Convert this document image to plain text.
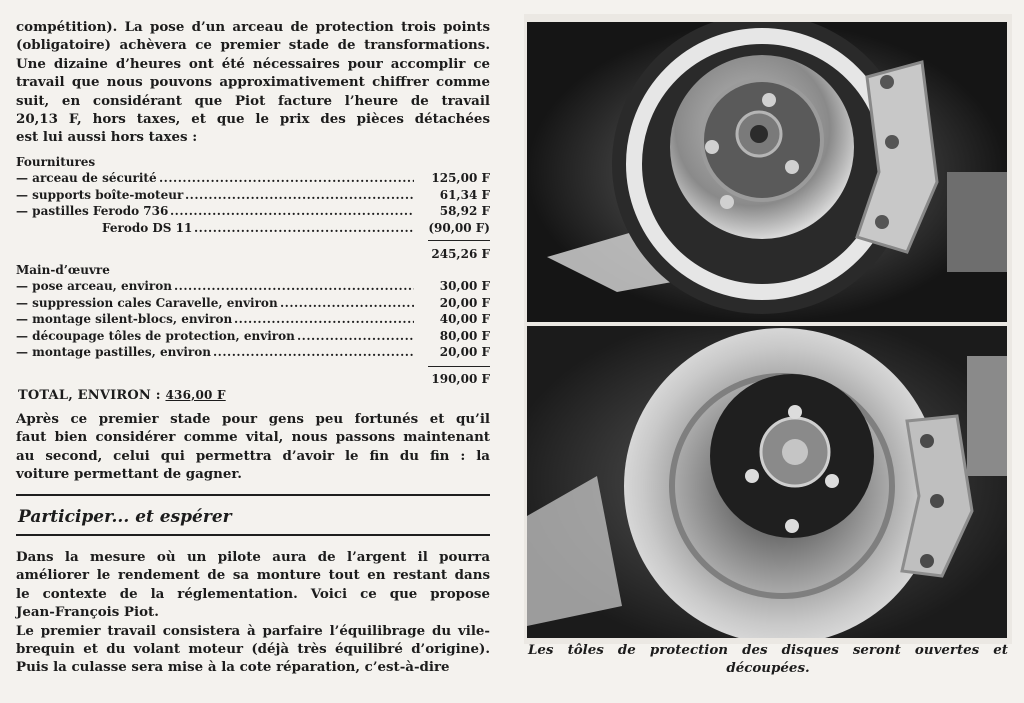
compétition). La pose d’un arceau de protection trois points
(obligatoire) achèvera ce premier stade de transformations.
Une dizaine d’heures ont été nécessaires pour accomplir ce
travail que nous pouvons approximativement chiffrer comme
suit, en considérant que Piot facture l’heure de travail
20,13 F, hors taxes, et que le prix des pièces détachées
est lui aussi hors taxes :

Fournitures
— arceau de sécurité .....	125,00 F
— supports boîte-moteur .....	61,34 F
— pastilles Ferodo 736 .....	58,92 F
Ferodo DS 11 .....	(90,00 F)
245,26 F
Main-d’œuvre
— pose arceau, environ .....	30,00 F
— suppression cales Caravelle, environ .....	20,00 F
— montage silent-blocs, environ .....	40,00 F
— découpage tôles de protection, environ .....	80,00 F
— montage pastilles, environ .....	20,00 F
190,00 F
TOTAL, ENVIRON : 436,00 F

Après ce premier stade pour gens peu fortunés et qu’il
faut bien considérer comme vital, nous passons maintenant
au second, celui qui permettra d’avoir le fin du fin : la
voiture permettant de gagner.

Participer... et espérer

Dans la mesure où un pilote aura de l’argent il pourra
améliorer le rendement de sa monture tout en restant dans
le contexte de la réglementation. Voici ce que propose
Jean-François Piot.
Le premier travail consistera à parfaire l’équilibrage du vile-
brequin et du volant moteur (déjà très équilibré d’origine).
Puis la culasse sera mise à la cote réparation, c’est-à-dire

Les tôles de protection des disques seront ouvertes et
découpées.
